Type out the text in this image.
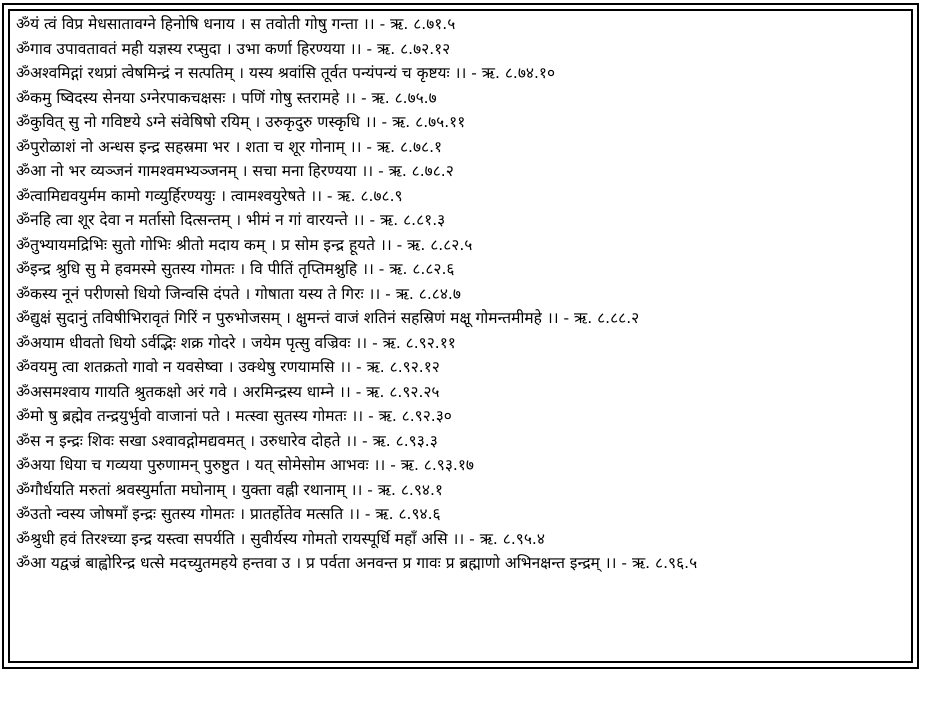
ॐयं त्वं विप्र मेधसातावग्ने हिनोषि धनाय । स तवोती गोषु गन्ता ।। - ऋ. ८.७१.५
ॐगाव उपावतावतं मही यज्ञस्य रप्सुदा । उभा कर्णा हिरण्यया ।। - ऋ. ८.७२.१२
ॐअश्वमिद्गां रथप्रां त्वेषमिन्द्रं न सत्पतिम् । यस्य श्रवांसि तूर्वत पन्यंपन्यं च कृष्टयः ।। - ऋ. ८.७४.१०
ॐकमु ष्विदस्य सेनया ऽग्नेरपाकचक्षसः । पणिं गोषु स्तरामहे ।। - ऋ. ८.७५.७
ॐकुवित् सु नो गविष्टये ऽग्ने संवेषिषो रयिम् । उरुकृदुरु णस्कृधि ।। - ऋ. ८.७५.११
ॐपुरोळाशं नो अन्धस इन्द्र सहस्रमा भर । शता च शूर गोनाम् ।। - ऋ. ८.७८.१
ॐआ नो भर व्यञ्जनं गामश्वमभ्यञ्जनम् । सचा मना हिरण्यया ।। - ऋ. ८.७८.२
ॐत्वामिद्यवयुर्मम कामो गव्युर्हिरण्ययुः । त्वामश्वयुरेषते ।। - ऋ. ८.७८.९
ॐनहि त्वा शूर देवा न मर्तासो दित्सन्तम् । भीमं न गां वारयन्ते ।। - ऋ. ८.८१.३
ॐतुभ्यायमद्रिभिः सुतो गोभिः श्रीतो मदाय कम् । प्र सोम इन्द्र हूयते ।। - ऋ. ८.८२.५
ॐइन्द्र श्रुधि सु मे हवमस्मे सुतस्य गोमतः । वि पीतिं तृप्तिमश्नुहि ।। - ऋ. ८.८२.६
ॐकस्य नूनं परीणसो धियो जिन्वसि दंपते । गोषाता यस्य ते गिरः ।। - ऋ. ८.८४.७
ॐद्युक्षं सुदानुं तविषीभिरावृतं गिरिं न पुरुभोजसम् । क्षुमन्तं वाजं शतिनं सहस्रिणं मक्षू गोमन्तमीमहे ।। - ऋ. ८.८८.२
ॐअयाम धीवतो धियो ऽर्वद्भिः शक्र गोदरे । जयेम पृत्सु वज्रिवः ।। - ऋ. ८.९२.११
ॐवयमु त्वा शतक्रतो गावो न यवसेष्वा । उक्थेषु रणयामसि ।। - ऋ. ८.९२.१२
ॐअसमश्वाय गायति श्रुतकक्षो अरं गवे । अरमिन्द्रस्य धाम्ने ।। - ऋ. ८.९२.२५
ॐमो षु ब्रह्मेव तन्द्रयुर्भुवो वाजानां पते । मत्स्वा सुतस्य गोमतः ।। - ऋ. ८.९२.३०
ॐस न इन्द्रः शिवः सखा ऽश्वावद्गोमद्यवमत् । उरुधारेव दोहते ।। - ऋ. ८.९३.३
ॐअया धिया च गव्यया पुरुणामन् पुरुष्टुत । यत् सोमेसोम आभवः ।। - ऋ. ८.९३.१७
ॐगौर्धयति मरुतां श्रवस्युर्माता मघोनाम् । युक्ता वह्नी रथानाम् ।। - ऋ. ८.९४.१
ॐउतो न्वस्य जोषमाँ इन्द्रः सुतस्य गोमतः । प्रातर्होतेव मत्सति ।। - ऋ. ८.९४.६
ॐश्रुधी हवं तिरश्च्या इन्द्र यस्त्वा सपर्यति । सुवीर्यस्य गोमतो रायस्पूर्धि महाँ असि ।। - ऋ. ८.९५.४
ॐआ यद्वज्रं बाह्वोरिन्द्र धत्से मदच्युतमहये हन्तवा उ । प्र पर्वता अनवन्त प्र गावः प्र ब्रह्माणो अभिनक्षन्त इन्द्रम् ।। - ऋ. ८.९६.५
